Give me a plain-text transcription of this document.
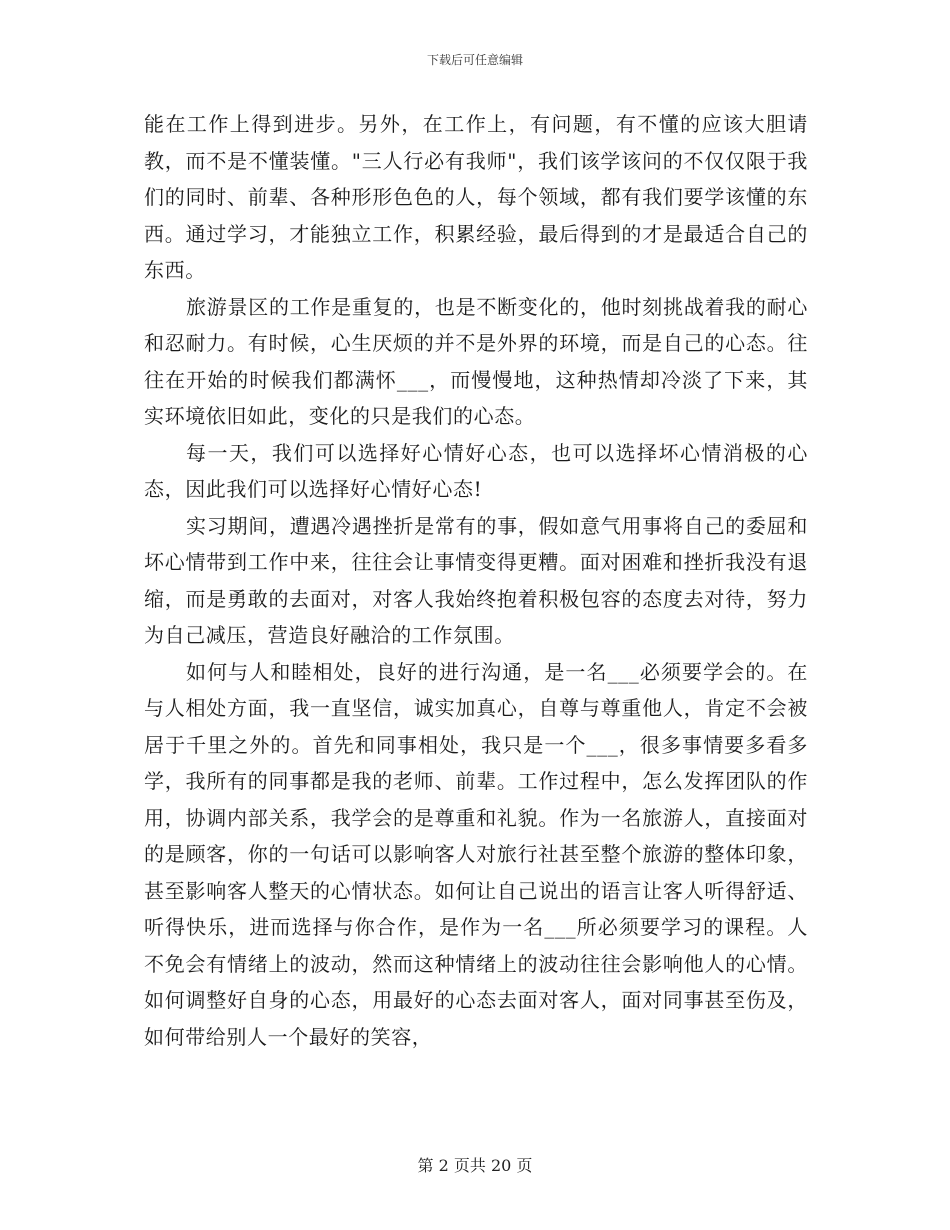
下载后可任意编辑

能在工作上得到进步。另外，在工作上，有问题，有不懂的应该大胆请教，而不是不懂装懂。"三人行必有我师"，我们该学该问的不仅仅限于我们的同时、前辈、各种形形色色的人，每个领域，都有我们要学该懂的东西。通过学习，才能独立工作，积累经验，最后得到的才是最适合自己的东西。

旅游景区的工作是重复的，也是不断变化的，他时刻挑战着我的耐心和忍耐力。有时候，心生厌烦的并不是外界的环境，而是自己的心态。往往在开始的时候我们都满怀___，而慢慢地，这种热情却冷淡了下来，其实环境依旧如此，变化的只是我们的心态。

每一天，我们可以选择好心情好心态，也可以选择坏心情消极的心态，因此我们可以选择好心情好心态!

实习期间，遭遇冷遇挫折是常有的事，假如意气用事将自己的委屈和坏心情带到工作中来，往往会让事情变得更糟。面对困难和挫折我没有退缩，而是勇敢的去面对，对客人我始终抱着积极包容的态度去对待，努力为自己减压，营造良好融洽的工作氛围。

如何与人和睦相处，良好的进行沟通，是一名___必须要学会的。在与人相处方面，我一直坚信，诚实加真心，自尊与尊重他人，肯定不会被居于千里之外的。首先和同事相处，我只是一个___，很多事情要多看多学，我所有的同事都是我的老师、前辈。工作过程中，怎么发挥团队的作用，协调内部关系，我学会的是尊重和礼貌。作为一名旅游人，直接面对的是顾客，你的一句话可以影响客人对旅行社甚至整个旅游的整体印象，甚至影响客人整天的心情状态。如何让自己说出的语言让客人听得舒适、听得快乐，进而选择与你合作，是作为一名___所必须要学习的课程。人不免会有情绪上的波动，然而这种情绪上的波动往往会影响他人的心情。如何调整好自身的心态，用最好的心态去面对客人，面对同事甚至伤及，如何带给别人一个最好的笑容，

第 2 页共 20 页
